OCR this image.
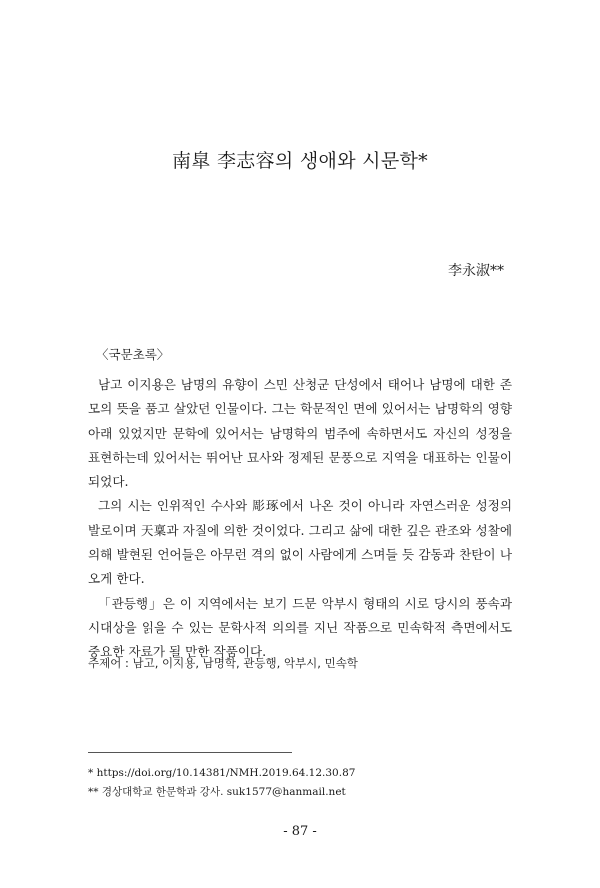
南皐 李志容의 생애와 시문학*
李永淑**
〈국문초록〉

남고 이지용은 남명의 유향이 스민 산청군 단성에서 태어나 남명에 대한 존모의 뜻을 품고 살았던 인물이다. 그는 학문적인 면에 있어서는 남명학의 영향 아래 있었지만 문학에 있어서는 남명학의 범주에 속하면서도 자신의 성정을 표현하는데 있어서는 뛰어난 묘사와 정제된 문풍으로 지역을 대표하는 인물이 되었다.

그의 시는 인위적인 수사와 彫琢에서 나온 것이 아니라 자연스러운 성정의 발로이며 天稟과 자질에 의한 것이었다. 그리고 삶에 대한 깊은 관조와 성찰에 의해 발현된 언어들은 아무런 격의 없이 사람에게 스며들 듯 감동과 찬탄이 나오게 한다.

「관등행」은 이 지역에서는 보기 드문 악부시 형태의 시로 당시의 풍속과 시대상을 읽을 수 있는 문학사적 의의를 지닌 작품으로 민속학적 측면에서도 중요한 자료가 될 만한 작품이다.

주제어 : 남고, 이지용, 남명학, 관등행, 악부시, 민속학
* https://doi.org/10.14381/NMH.2019.64.12.30.87
** 경상대학교 한문학과 강사. suk1577@hanmail.net
- 87 -
